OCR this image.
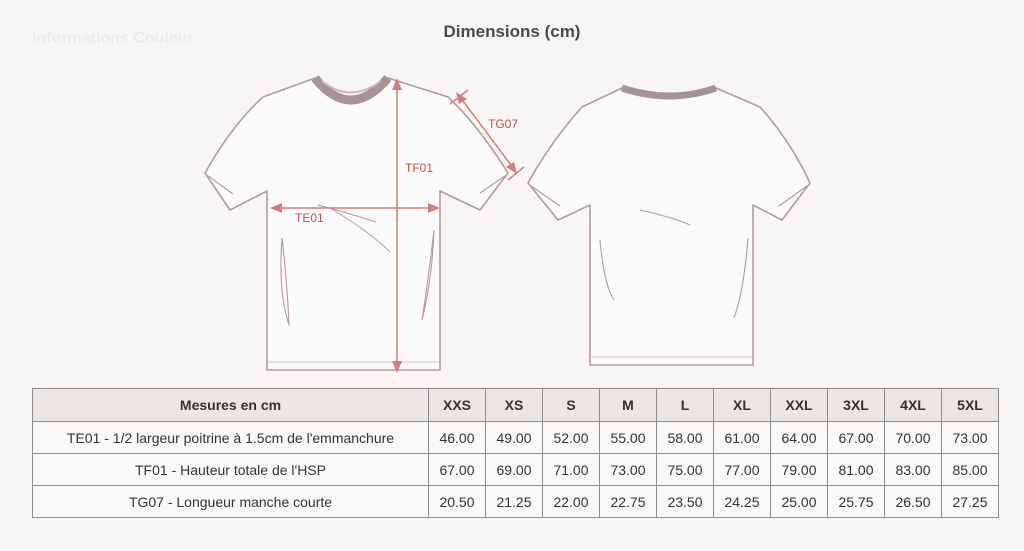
Informations Couleur	Dimensions (cm)
TF01
TE01
TG07
Mesures en cm	XXS	XS	S	M	L	XL	XXL	3XL	4XL	5XL
TE01 - 1/2 largeur poitrine à 1.5cm de l'emmanchure	46.00	49.00	52.00	55.00	58.00	61.00	64.00	67.00	70.00	73.00
TF01 - Hauteur totale de l'HSP	67.00	69.00	71.00	73.00	75.00	77.00	79.00	81.00	83.00	85.00
TG07 - Longueur manche courte	20.50	21.25	22.00	22.75	23.50	24.25	25.00	25.75	26.50	27.25
